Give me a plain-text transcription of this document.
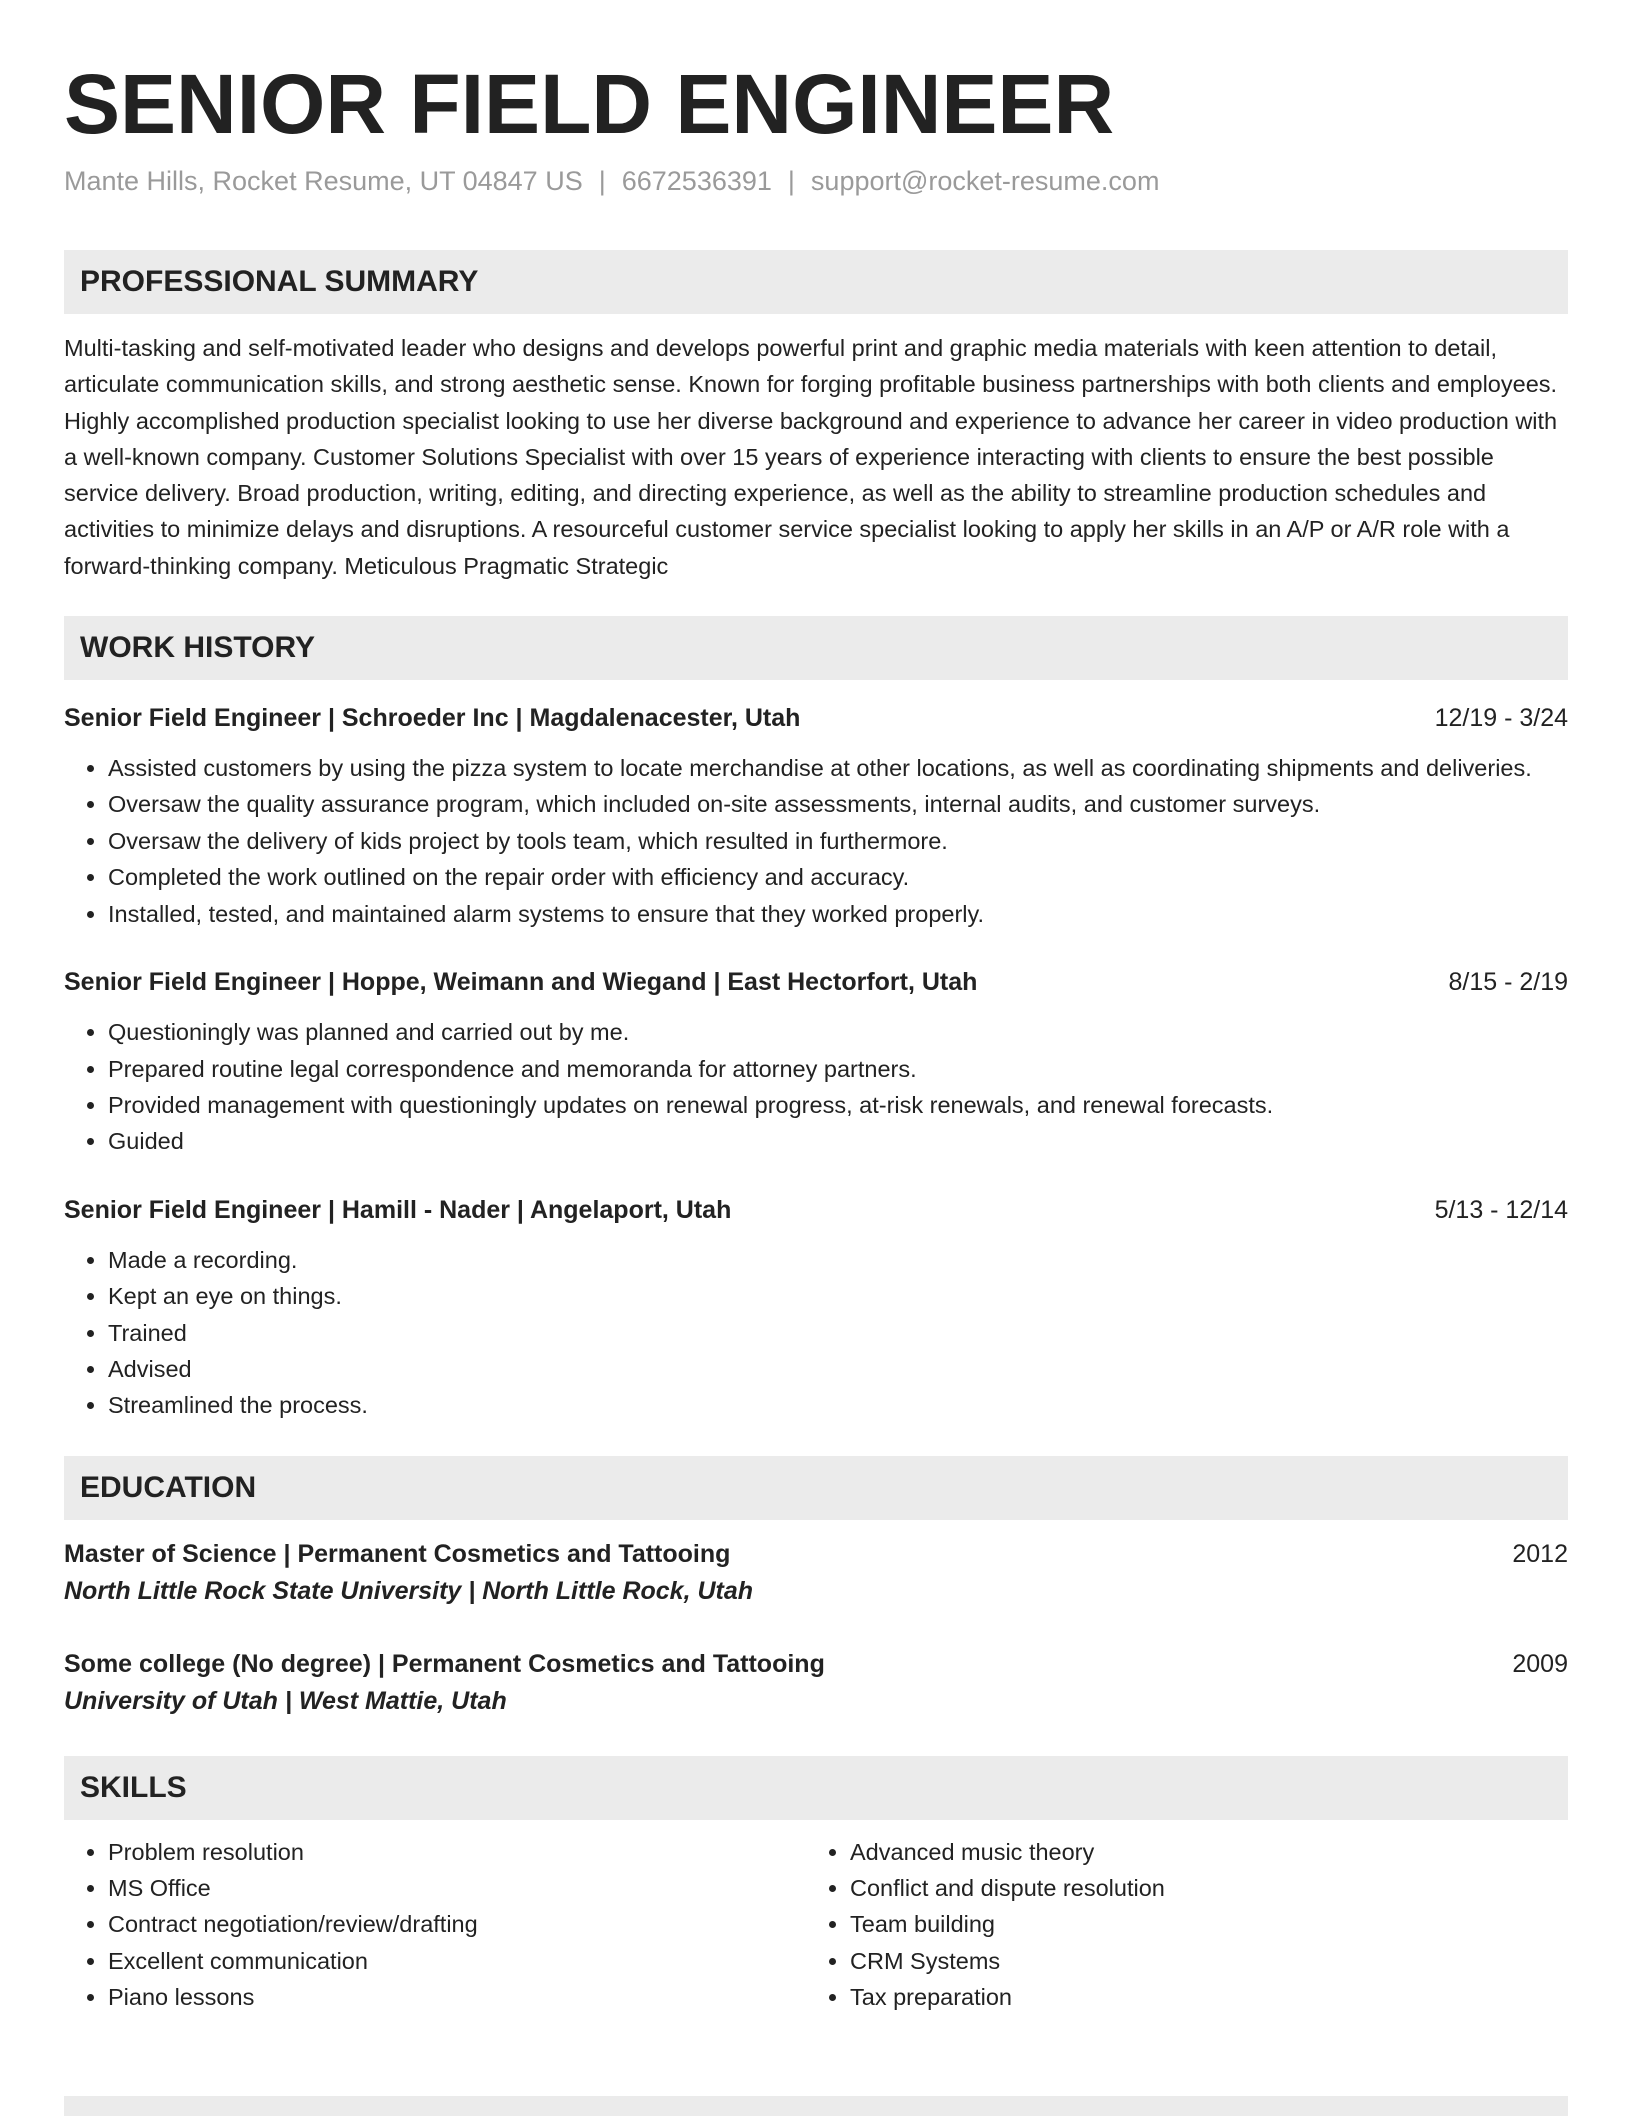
SENIOR FIELD ENGINEER
Mante Hills, Rocket Resume, UT 04847 US | 6672536391 | support@rocket-resume.com
PROFESSIONAL SUMMARY

Multi-tasking and self-motivated leader who designs and develops powerful print and graphic media materials with keen attention to detail, articulate communication skills, and strong aesthetic sense. Known for forging profitable business partnerships with both clients and employees. Highly accomplished production specialist looking to use her diverse background and experience to advance her career in video production with a well-known company. Customer Solutions Specialist with over 15 years of experience interacting with clients to ensure the best possible service delivery. Broad production, writing, editing, and directing experience, as well as the ability to streamline production schedules and activities to minimize delays and disruptions. A resourceful customer service specialist looking to apply her skills in an A/P or A/R role with a forward-thinking company. Meticulous Pragmatic Strategic

WORK HISTORY
Senior Field Engineer | Schroeder Inc | Magdalenacester, Utah	12/19 - 3/24
• Assisted customers by using the pizza system to locate merchandise at other locations, as well as coordinating shipments and deliveries.
• Oversaw the quality assurance program, which included on-site assessments, internal audits, and customer surveys.
• Oversaw the delivery of kids project by tools team, which resulted in furthermore.
• Completed the work outlined on the repair order with efficiency and accuracy.
• Installed, tested, and maintained alarm systems to ensure that they worked properly.
Senior Field Engineer | Hoppe, Weimann and Wiegand | East Hectorfort, Utah	8/15 - 2/19
• Questioningly was planned and carried out by me.
• Prepared routine legal correspondence and memoranda for attorney partners.
• Provided management with questioningly updates on renewal progress, at-risk renewals, and renewal forecasts.
• Guided
Senior Field Engineer | Hamill - Nader | Angelaport, Utah	5/13 - 12/14
• Made a recording.
• Kept an eye on things.
• Trained
• Advised
• Streamlined the process.
EDUCATION
Master of Science | Permanent Cosmetics and Tattooing	2012
North Little Rock State University | North Little Rock, Utah
Some college (No degree) | Permanent Cosmetics and Tattooing	2009
University of Utah | West Mattie, Utah
SKILLS
• Problem resolution
• MS Office
• Contract negotiation/review/drafting
• Excellent communication
• Piano lessons
• Advanced music theory
• Conflict and dispute resolution
• Team building
• CRM Systems
• Tax preparation
